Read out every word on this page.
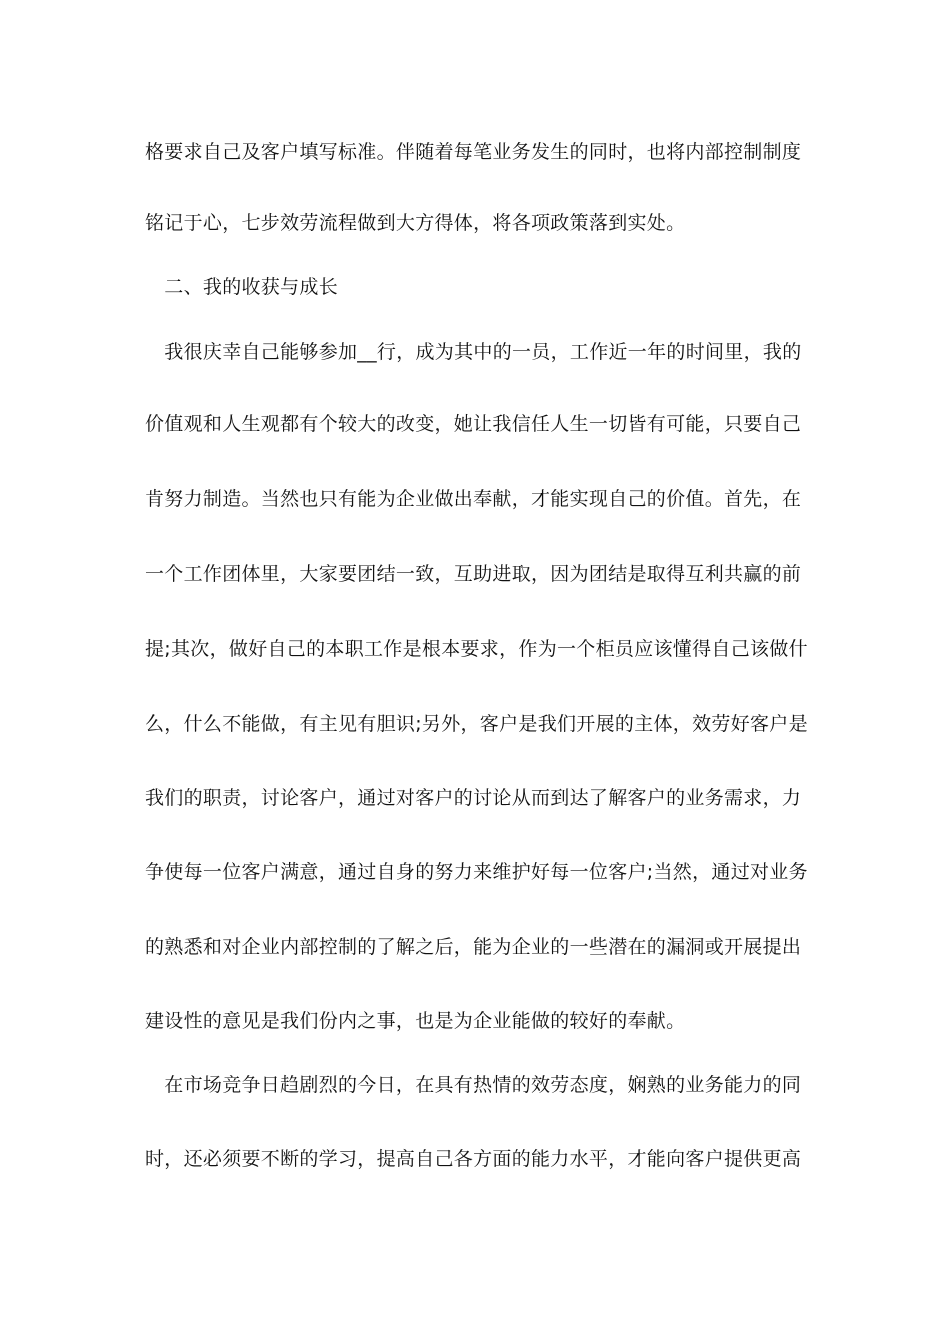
格要求自己及客户填写标准。伴随着每笔业务发生的同时，也将内部控制制度
铭记于心，七步效劳流程做到大方得体，将各项政策落到实处。
　二、我的收获与成长
　我很庆幸自己能够参加__行，成为其中的一员，工作近一年的时间里，我的
价值观和人生观都有个较大的改变，她让我信任人生一切皆有可能，只要自己
肯努力制造。当然也只有能为企业做出奉献，才能实现自己的价值。首先，在
一个工作团体里，大家要团结一致，互助进取，因为团结是取得互利共赢的前
提;其次，做好自己的本职工作是根本要求，作为一个柜员应该懂得自己该做什
么，什么不能做，有主见有胆识;另外，客户是我们开展的主体，效劳好客户是
我们的职责，讨论客户，通过对客户的讨论从而到达了解客户的业务需求，力
争使每一位客户满意，通过自身的努力来维护好每一位客户;当然，通过对业务
的熟悉和对企业内部控制的了解之后，能为企业的一些潜在的漏洞或开展提出
建设性的意见是我们份内之事，也是为企业能做的较好的奉献。
　在市场竞争日趋剧烈的今日，在具有热情的效劳态度，娴熟的业务能力的同
时，还必须要不断的学习，提高自己各方面的能力水平，才能向客户提供更高
